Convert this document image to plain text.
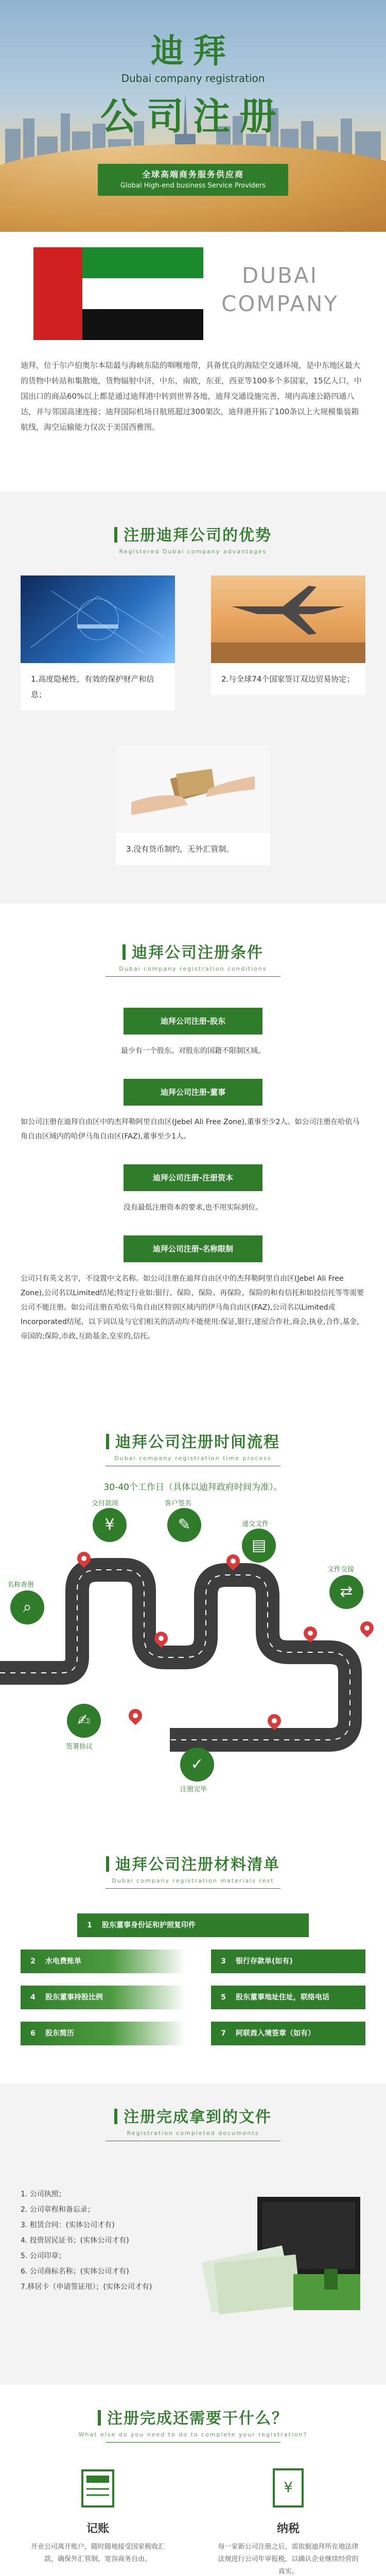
迪拜
Dubai company registration
公司注册
全球高端商务服务供应商
Global High-end business Service Providers
DUBAI
COMPANY
迪拜，位于尔卢伯奥尔本陆最与海峡东陆的咽喉地带，具备优良的海陆空交通环境，是中东地区最大的货物中转站和集散地，货物辐射中济，中东，南欧，东亚，西亚等100多个多国家，15亿人口，中国出口的商品60%以上都是通过迪拜港中转到世界各地，迪拜交通设施完善，境内高速公路四通八达，并与邻国高速连接；迪拜国际机场日航班超过300架次，迪拜港开拓了100条以上大规模集装箱航线，海空运输能力仅次于美国西雅图。
注册迪拜公司的优势
Registered Dubai company advantages
1.高度隐秘性，有效的保护财产和信息；
2.与全球74个国家签订双边贸易协定；
3.没有货币制约，无外汇管制。
迪拜公司注册条件
Dubai company registration conditions
迪拜公司注册-股东

最少有一个股东。对股东的国籍不限制区域。

迪拜公司注册-董事

如公司注册在迪拜自由区中的杰拜勒阿里自由区(Jebel Ali Free Zone),董事至少2人。如公司注册在哈依马角自由区域内的哈伊马角自由区(FAZ),董事至少1人。

迪拜公司注册-注册资本

没有最低注册资本的要求,也不用实际到位。

迪拜公司注册-名称限制

公司只有英文名字，不设置中文名称。如公司注册在迪拜自由区中的杰拜勒阿里自由区(Jebel Ali Free Zone),公司名以Limited结尾;特定行业如:银行、保险、保险、再保险、保险的和有信托和如投信托等等需要公司不能注册。如公司注册在哈依马角自由区特别区域内的伊马角自由区(FAZ),公司名以Limited或Incorporated结尾，以下词以及与它们相关的活动均不能使用:保证,银行,建屋合作社,商会,执业,合作,基金,帝国的;保险,市政,互助基金,皇室的,信托。

迪拜公司注册时间流程
Dubai company registration time process
30-40个工作日（具体以迪拜政府时间为准）。
¥
交付款项
✎
客户签名
▤
递交文件
⌕
名称查册	⇄
文件交接
✍
签署协议
✓
注册完毕
迪拜公司注册材料清单
Dubai company registration materials rest
1 股东董事身份证和护照复印件
2 水电费账单	3 银行存款单(如有)
4 股东董事持股比例	5 股东董事地址住址，联络电话
6 股东简历	7 阿联酋入境签章（如有）
注册完成拿到的文件
Registration completed documents
1. 公司执照；
2. 公司章程和备忘录；
3. 租赁合同：(实体公司才有)
4. 投资居民证书；(实体公司才有)
5. 公司印章；
6. 公司商标名称；(实体公司才有)
7.移居卡（申请签证用）；(实体公司才有)
注册完成还需要干什么？
What else do you need to do to complete your registration?
记账
开业公司离开账户，随时随地接受国家税收汇款，确保外汇管制，宽容商务自由。
¥
纳税
每一家新公司注册之后，需依据迪拜所在地法律法规进行公司年审报税，以确认企业继续经营的真实。
